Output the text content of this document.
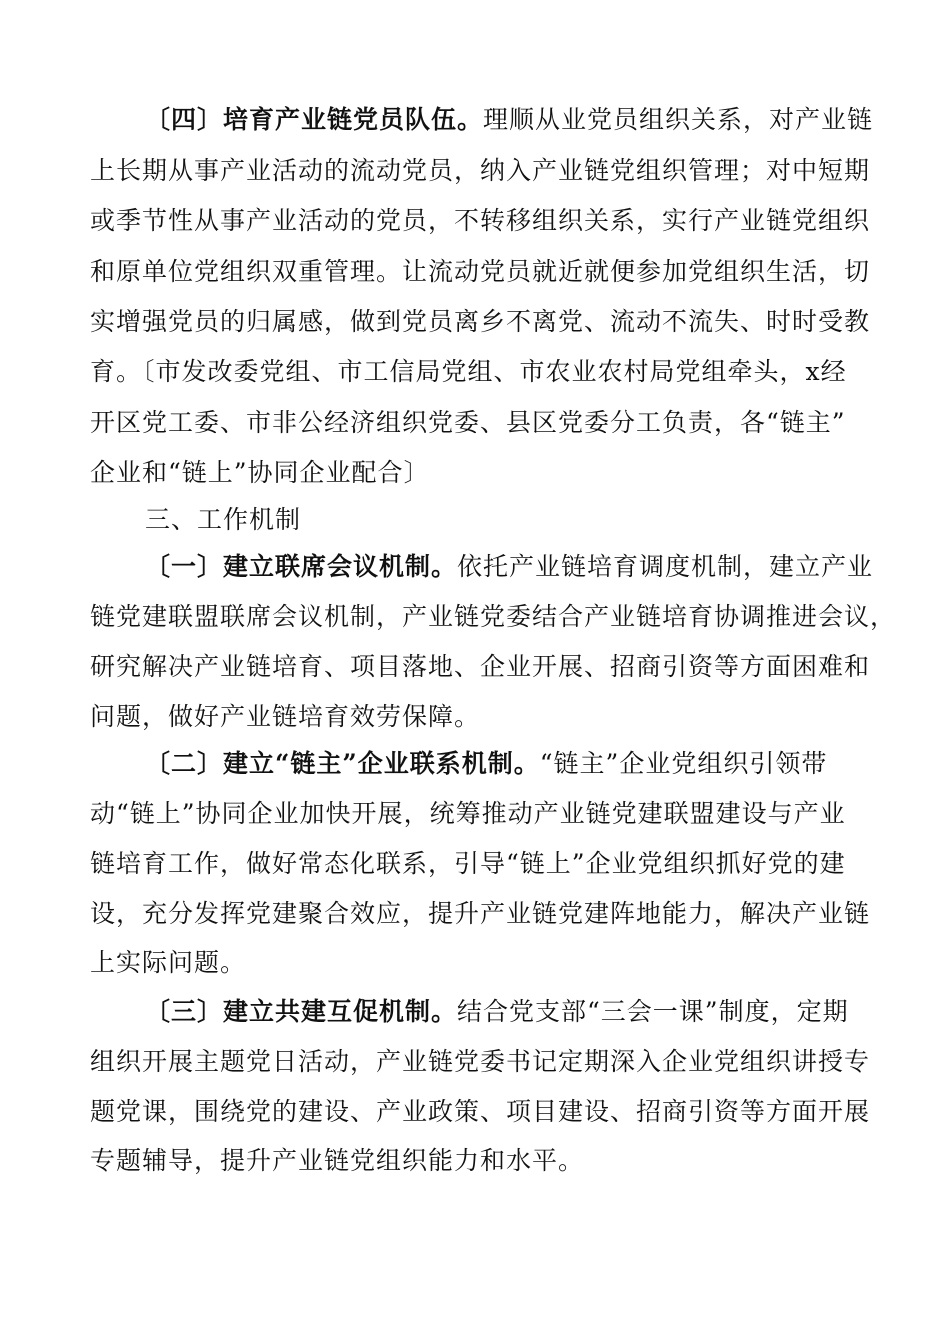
〔四〕培育产业链党员队伍。理顺从业党员组织关系，对产业链
上长期从事产业活动的流动党员，纳入产业链党组织管理；对中短期
或季节性从事产业活动的党员，不转移组织关系，实行产业链党组织
和原单位党组织双重管理。让流动党员就近就便参加党组织生活，切
实增强党员的归属感，做到党员离乡不离党、流动不流失、时时受教
育。〔市发改委党组、市工信局党组、市农业农村局党组牵头，x经
开区党工委、市非公经济组织党委、县区党委分工负责，各“链主”
企业和“链上”协同企业配合〕
三、工作机制
〔一〕建立联席会议机制。依托产业链培育调度机制，建立产业
链党建联盟联席会议机制，产业链党委结合产业链培育协调推进会议，
研究解决产业链培育、项目落地、企业开展、招商引资等方面困难和
问题，做好产业链培育效劳保障。
〔二〕建立“链主”企业联系机制。“链主”企业党组织引领带
动“链上”协同企业加快开展，统筹推动产业链党建联盟建设与产业
链培育工作，做好常态化联系，引导“链上”企业党组织抓好党的建
设，充分发挥党建聚合效应，提升产业链党建阵地能力，解决产业链
上实际问题。
〔三〕建立共建互促机制。结合党支部“三会一课”制度，定期
组织开展主题党日活动，产业链党委书记定期深入企业党组织讲授专
题党课，围绕党的建设、产业政策、项目建设、招商引资等方面开展
专题辅导，提升产业链党组织能力和水平。
